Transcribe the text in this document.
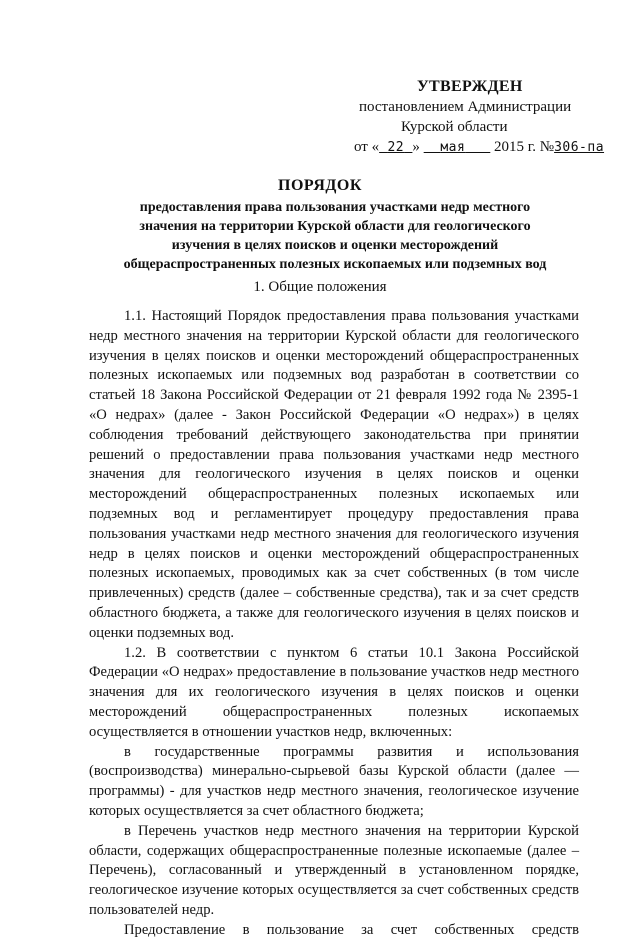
УТВЕРЖДЕН
постановлением Администрации
Курской области
от « 22 » мая 2015 г. №306-па
ПОРЯДОК
предоставления права пользования участками недр местного значения на территории Курской области для геологического изучения в целях поисков и оценки месторождений общераспространенных полезных ископаемых или подземных вод
1. Общие положения

1.1. Настоящий Порядок предоставления права пользования участками недр местного значения на территории Курской области для геологического изучения в целях поисков и оценки месторождений общераспространенных полезных ископаемых или подземных вод разработан в соответствии со статьей 18 Закона Российской Федерации от 21 февраля 1992 года № 2395-1 «О недрах» (далее - Закон Российской Федерации «О недрах») в целях соблюдения требований действующего законодательства при принятии решений о предоставлении права пользования участками недр местного значения для геологического изучения в целях поисков и оценки месторождений общераспространенных полезных ископаемых или подземных вод и регламентирует процедуру предоставления права пользования участками недр местного значения для геологического изучения недр в целях поисков и оценки месторождений общераспространенных полезных ископаемых, проводимых как за счет собственных (в том числе привлеченных) средств (далее – собственные средства), так и за счет средств областного бюджета, а также для геологического изучения в целях поисков и оценки подземных вод.

1.2. В соответствии с пунктом 6 статьи 10.1 Закона Российской Федерации «О недрах» предоставление в пользование участков недр местного значения для их геологического изучения в целях поисков и оценки месторождений общераспространенных полезных ископаемых осуществляется в отношении участков недр, включенных:

в государственные программы развития и использования (воспроизводства) минерально-сырьевой базы Курской области (далее — программы) - для участков недр местного значения, геологическое изучение которых осуществляется за счет областного бюджета;

в Перечень участков недр местного значения на территории Курской области, содержащих общераспространенные полезные ископаемые (далее – Перечень), согласованный и утвержденный в установленном порядке, геологическое изучение которых осуществляется за счет собственных средств пользователей недр.

Предоставление в пользование за счет собственных средств
